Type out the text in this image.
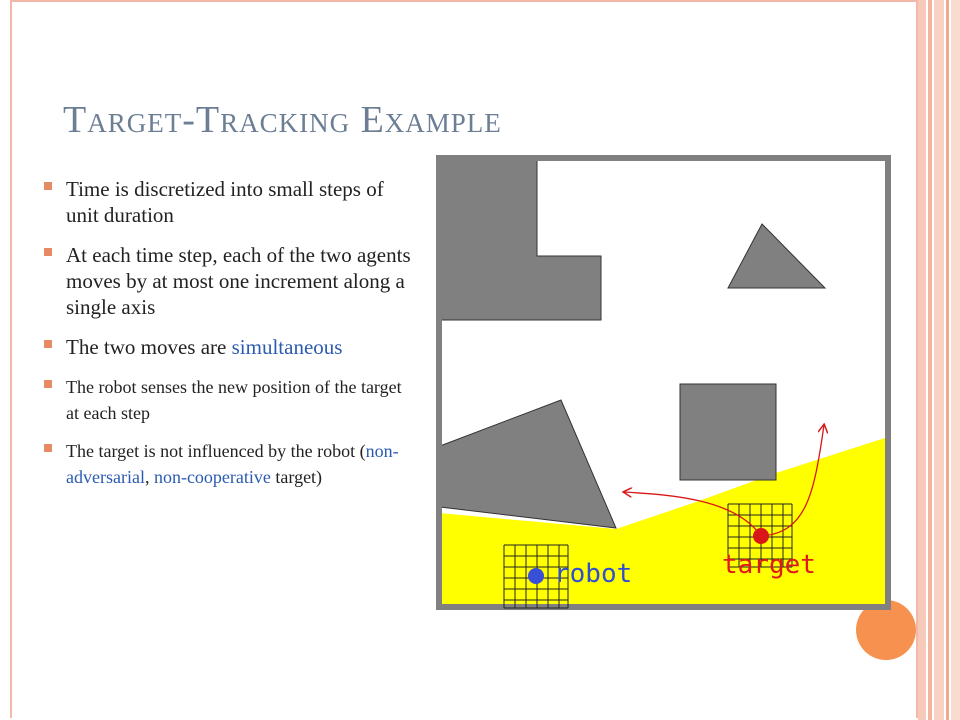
Target-Tracking Example
Time is discretized into small steps of unit duration
At each time step, each of the two agents moves by at most one increment along a single axis
The two moves are simultaneous
The robot senses the new position of the target at each step
The target is not influenced by the robot (non-adversarial, non-cooperative target)
robot	target
